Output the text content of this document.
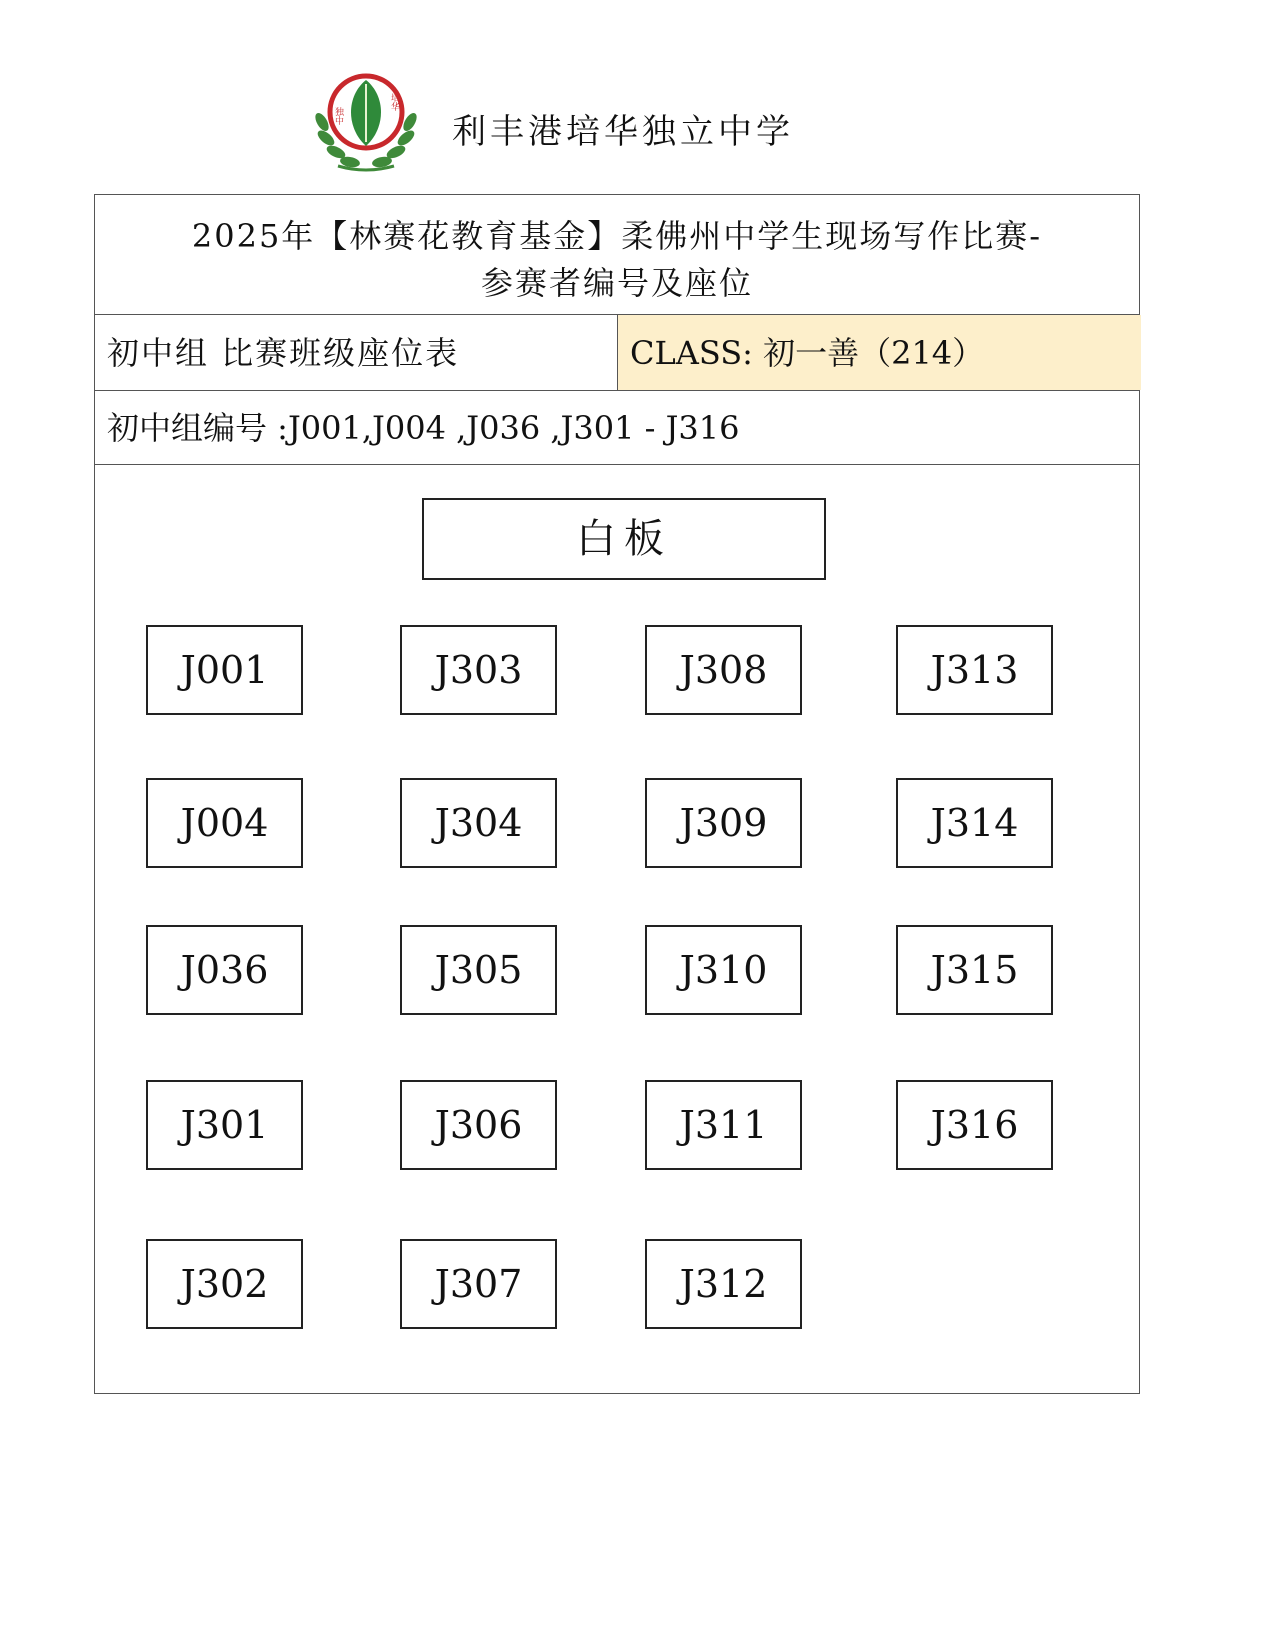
独中
培华
利丰港培华独立中学
2025年【林赛花教育基金】柔佛州中学生现场写作比赛-
参赛者编号及座位
初中组 比赛班级座位表	CLASS: 初一善（214）
初中组编号 :J001,J004 ,J036 ,J301 - J316
白板
J001	J303	J308	J313
J004	J304	J309	J314
J036	J305	J310	J315
J301	J306	J311	J316
J302	J307	J312
